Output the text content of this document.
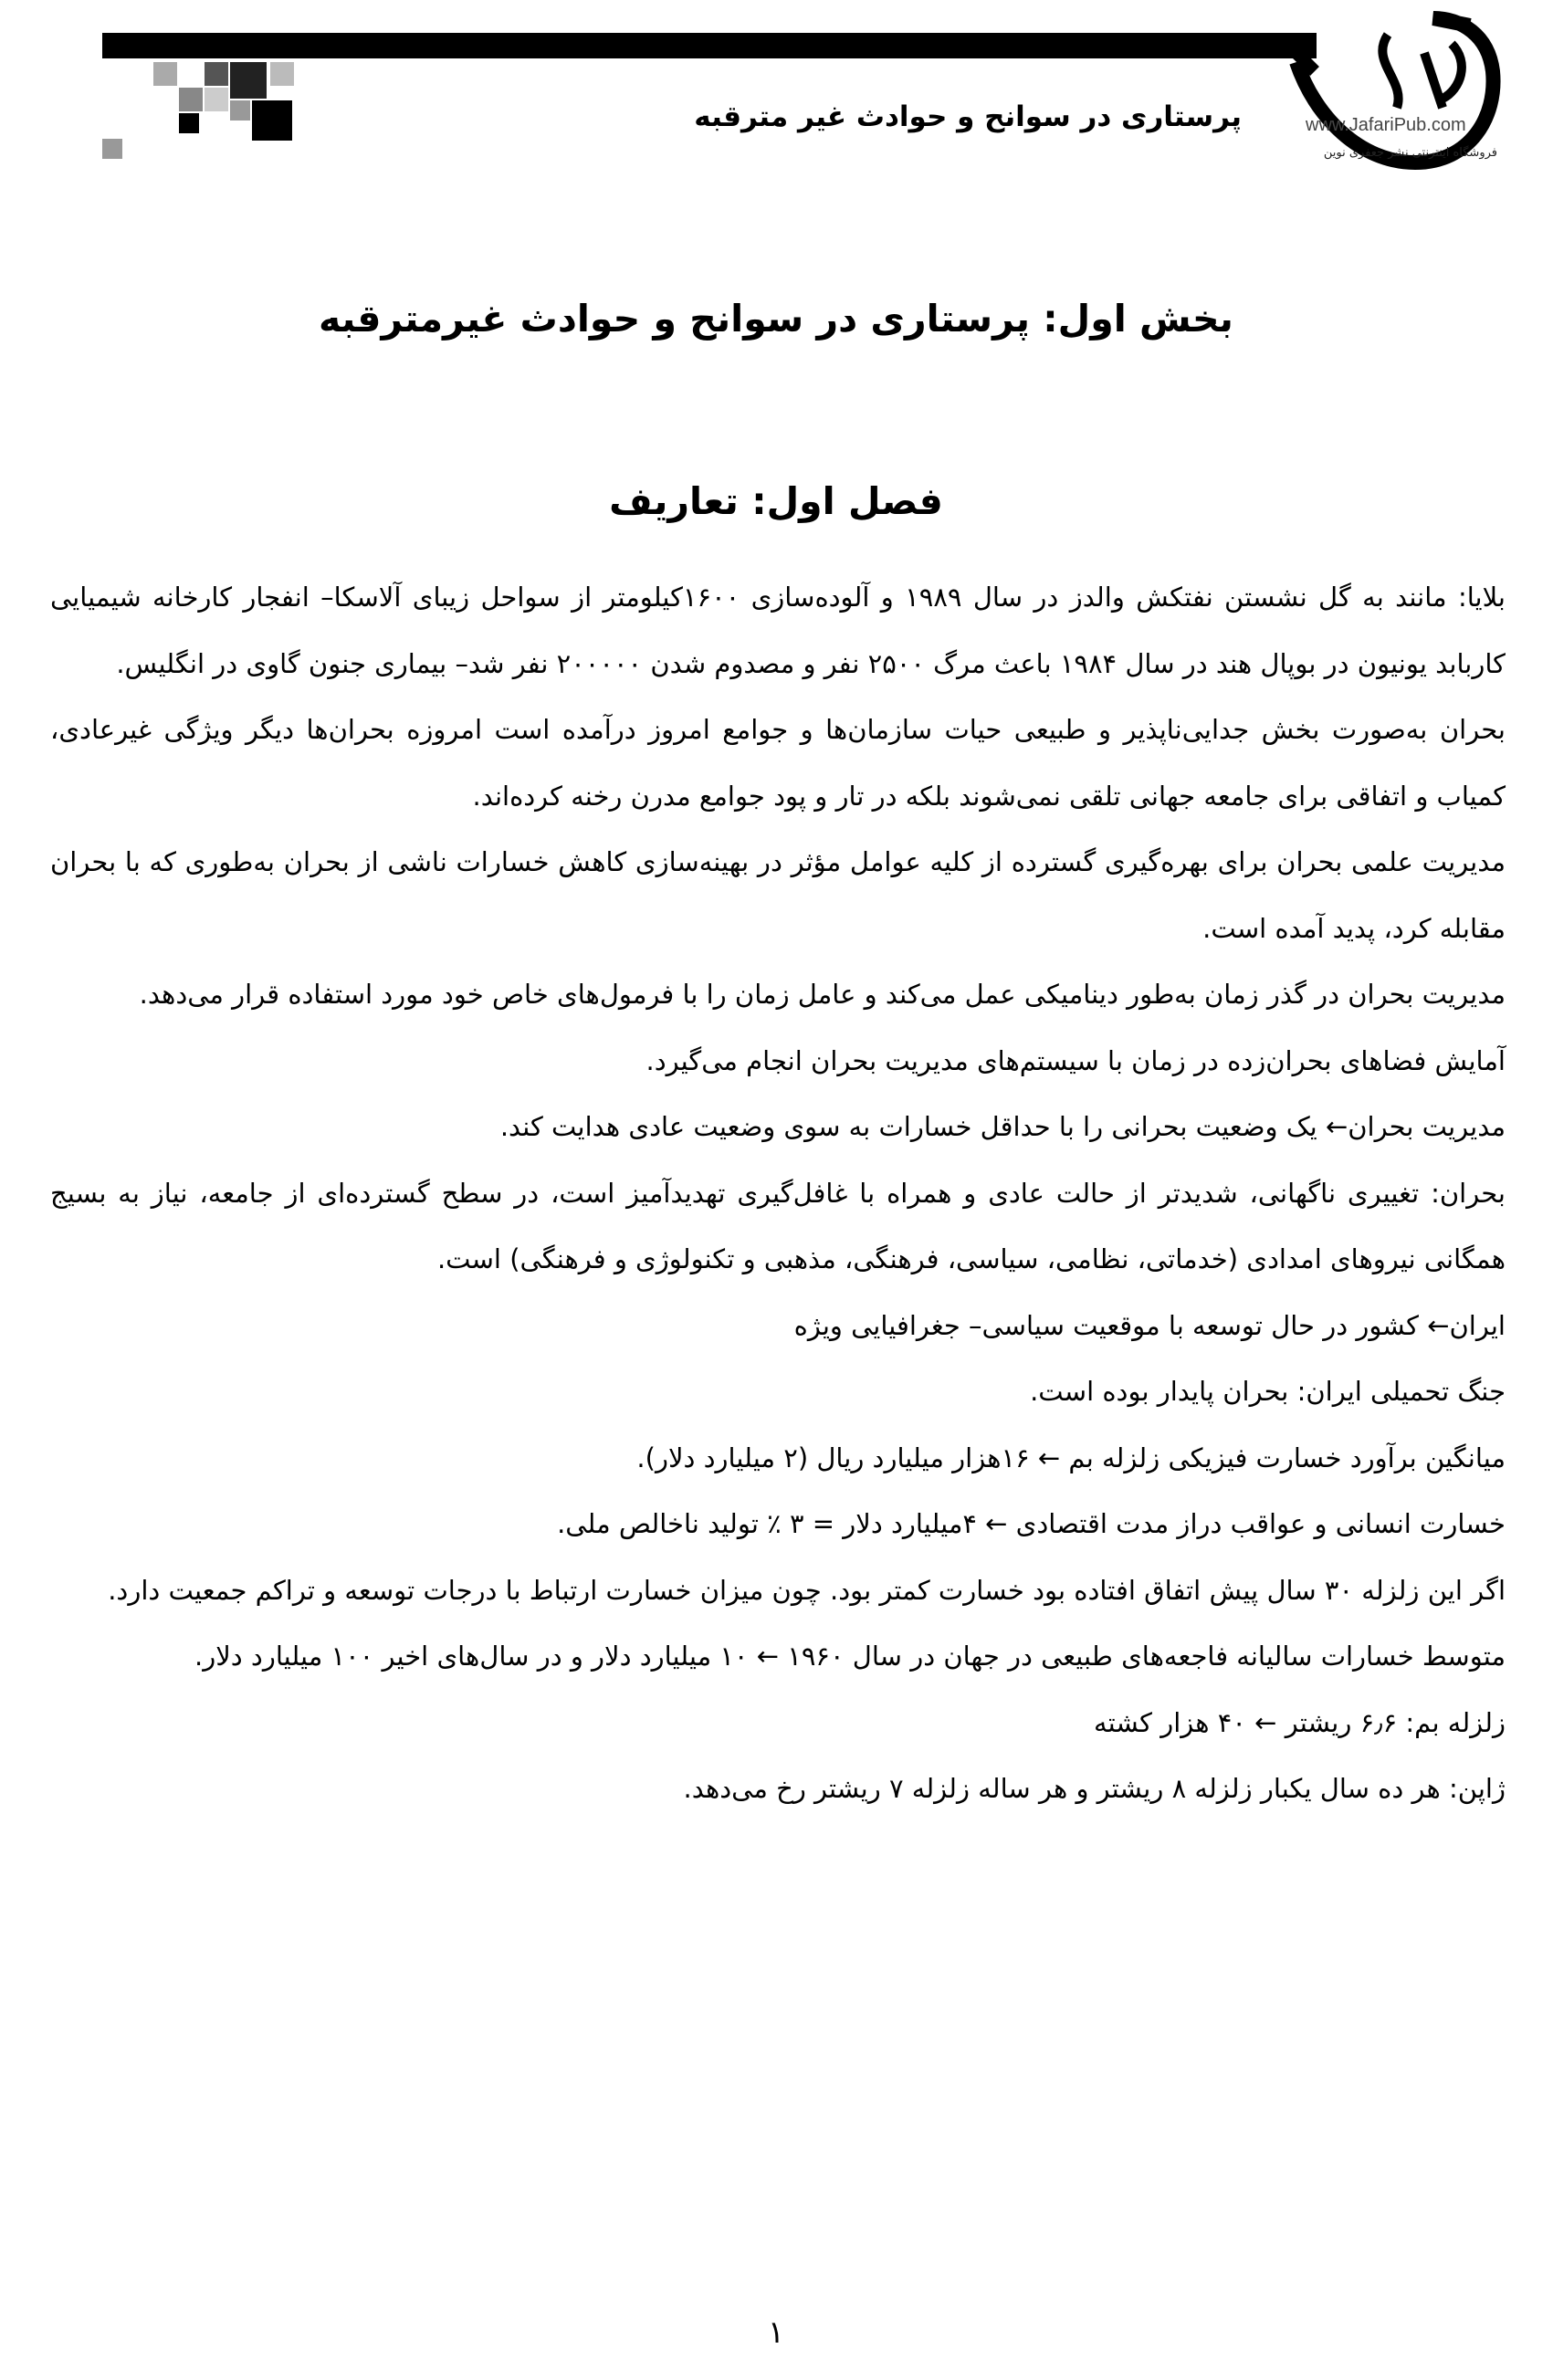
پرستاری در سوانح و حوادث غیر مترقبه	www.JafariPub.com
فروشگاه اینترنتی نشر جعفری نوین
بخش اول: پرستاری در سوانح و حوادث غیرمترقبه
فصل اول: تعاریف

بلایا: مانند به گل نشستن نفتکش والدز در سال ۱۹۸۹ و آلوده‌سازی ۱۶۰۰کیلومتر از سواحل زیبای آلاسکا– انفجار کارخانه شیمیایی کاربابد یونیون در بوپال هند در سال ۱۹۸۴ باعث مرگ ۲۵۰۰ نفر و مصدوم شدن ۲۰۰۰۰۰ نفر شد– بیماری جنون گاوی در انگلیس.

بحران به‌صورت بخش جدایی‌ناپذیر و طبیعی حیات سازمان‌ها و جوامع امروز درآمده است امروزه بحران‌ها دیگر ویژگی غیرعادی، کمیاب و اتفاقی برای جامعه جهانی تلقی نمی‌شوند بلکه در تار و پود جوامع مدرن رخنه کرده‌اند.

مدیریت علمی بحران برای بهره‌گیری گسترده از کلیه عوامل مؤثر در بهینه‌سازی کاهش خسارات ناشی از بحران به‌طوری که با بحران مقابله کرد، پدید آمده است.

مدیریت بحران در گذر زمان به‌طور دینامیکی عمل می‌کند و عامل زمان را با فرمول‌های خاص خود مورد استفاده قرار می‌دهد.

آمایش فضاهای بحران‌زده در زمان با سیستم‌های مدیریت بحران انجام می‌گیرد.

مدیریت بحران← یک وضعیت بحرانی را با حداقل خسارات به سوی وضعیت عادی هدایت کند.

بحران: تغییری ناگهانی، شدیدتر از حالت عادی و همراه با غافل‌گیری تهدیدآمیز است، در سطح گسترده‌ای از جامعه، نیاز به بسیج همگانی نیروهای امدادی (خدماتی، نظامی، سیاسی، فرهنگی، مذهبی و تکنولوژی و فرهنگی) است.

ایران← کشور در حال توسعه با موقعیت سیاسی– جغرافیایی ویژه

جنگ تحمیلی ایران: بحران پایدار بوده است.

میانگین برآورد خسارت فیزیکی زلزله بم ← ۱۶هزار میلیارد ریال (۲ میلیارد دلار).

خسارت انسانی و عواقب دراز مدت اقتصادی ← ۴میلیارد دلار = ۳ ٪ تولید ناخالص ملی.

اگر این زلزله ۳۰ سال پیش اتفاق افتاده بود خسارت کمتر بود. چون میزان خسارت ارتباط با درجات توسعه و تراکم جمعیت دارد.

متوسط خسارات سالیانه فاجعه‌های طبیعی در جهان در سال ۱۹۶۰ ← ۱۰ میلیارد دلار و در سال‌های اخیر ۱۰۰ میلیارد دلار.

زلزله بم: ۶٫۶ ریشتر ← ۴۰ هزار کشته

ژاپن: هر ده سال یکبار زلزله ۸ ریشتر و هر ساله زلزله ۷ ریشتر رخ می‌دهد.

۱
